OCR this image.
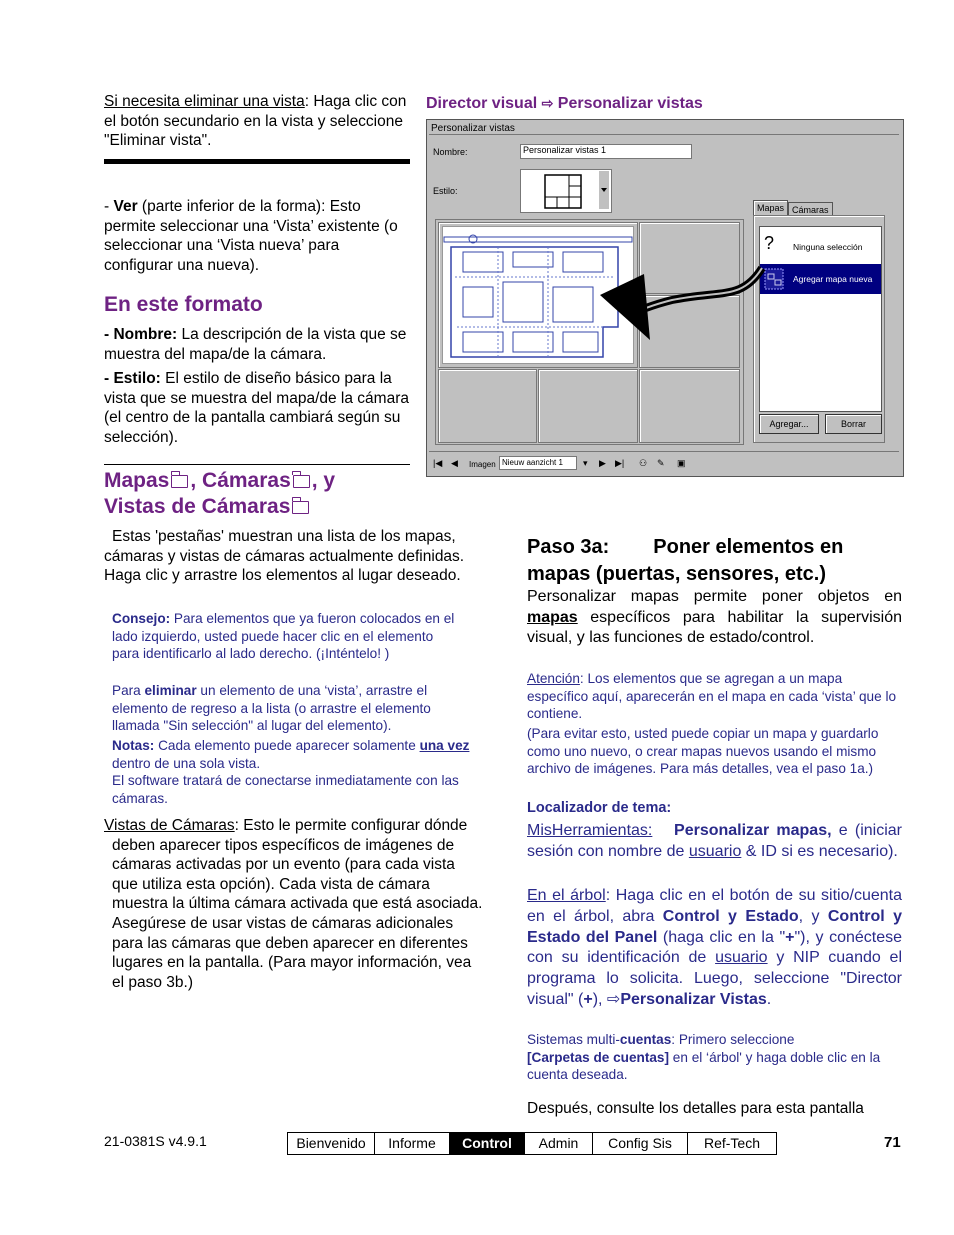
Si necesita eliminar una vista: Haga clic con el botón secundario en la vista y seleccione "Eliminar vista".
- Ver (parte inferior de la forma): Esto permite seleccionar una ‘Vista’ existente (o seleccionar una ‘Vista nueva’ para configurar una nueva).
En este formato
- Nombre: La descripción de la vista que se muestra del mapa/de la cámara.
- Estilo: El estilo de diseño básico para la vista que se muestra del mapa/de la cámara (el centro de la pantalla cambiará según su selección).
Mapas , Cámaras , y
Vistas de Cámaras
Estas 'pestañas' muestran una lista de los mapas, cámaras y vistas de cámaras actualmente definidas. Haga clic y arrastre los elementos al lugar deseado.
Consejo: Para elementos que ya fueron colocados en el lado izquierdo, usted puede hacer clic en el elemento para identificarlo al lado derecho. (¡Inténtelo! )
Para eliminar un elemento de una ‘vista’, arrastre el elemento de regreso a la lista (o arrastre el elemento llamada "Sin selección" al lugar del elemento).
Notas: Cada elemento puede aparecer solamente una vez dentro de una sola vista.
El software tratará de conectarse inmediatamente con las cámaras.
Vistas de Cámaras: Esto le permite configurar dónde deben aparecer tipos específicos de imágenes de cámaras activadas por un evento (para cada vista que utiliza esta opción). Cada vista de cámara muestra la última cámara activada que está asociada. Asegúrese de usar vistas de cámaras adicionales para las cámaras que deben aparecer en diferentes lugares en la pantalla. (Para mayor información, vea el paso 3b.)
Director visual ⇨ Personalizar vistas
Personalizar vistas
Nombre:	Personalizar vistas 1
Estilo:
Mapas Cámaras
? Ninguna selección
Agregar mapa nueva
Agregar...	Borrar
|◀ ◀ Imagen Nieuw aanzicht 1	▾ ▶ ▶| ⚇ ✎ ▣
Paso 3a: Poner elementos en
mapas (puertas, sensores, etc.)
Personalizar mapas permite poner objetos en mapas específicos para habilitar la supervisión visual, y las funciones de estado/control.
Atención: Los elementos que se agregan a un mapa específico aquí, aparecerán en el mapa en cada ‘vista’ que lo contiene.
(Para evitar esto, usted puede copiar un mapa y guardarlo como uno nuevo, o crear mapas nuevos usando el mismo archivo de imágenes. Para más detalles, vea el paso 1a.)
Localizador de tema:
MisHerramientas: Personalizar mapas, e (iniciar sesión con nombre de usuario & ID si es necesario).
En el árbol: Haga clic en el botón de su sitio/cuenta en el árbol, abra Control y Estado, y Control y Estado del Panel (haga clic en la "+"), y conéctese con su identificación de usuario y NIP cuando el programa lo solicita. Luego, seleccione "Director visual" (+), ⇨Personalizar Vistas.
Sistemas multi-cuentas: Primero seleccione
[Carpetas de cuentas] en el ‘árbol' y haga doble clic en la cuenta deseada.
Después, consulte los detalles para esta pantalla
21-0381S v4.9.1	Bienvenido	Informe	Control	Admin	Config Sis	Ref-Tech	71
